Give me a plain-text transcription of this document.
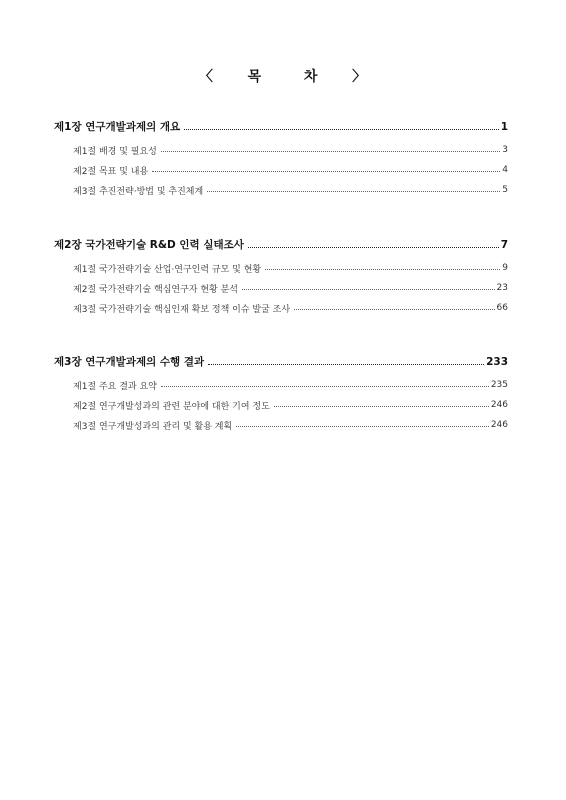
〈 목	차 〉
제1장 연구개발과제의 개요	1
제1절 배경 및 필요성	3
제2절 목표 및 내용	4
제3절 추진전략·방법 및 추진체계	5
제2장 국가전략기술 R&D 인력 실태조사	7
제1절 국가전략기술 산업·연구인력 규모 및 현황	9
제2절 국가전략기술 핵심연구자 현황 분석	23
제3절 국가전략기술 핵심인재 확보 정책 이슈 발굴 조사	66
제3장 연구개발과제의 수행 결과	233
제1절 주요 결과 요약	235
제2절 연구개발성과의 관련 분야에 대한 기여 정도	246
제3절 연구개발성과의 관리 및 활용 계획	246
